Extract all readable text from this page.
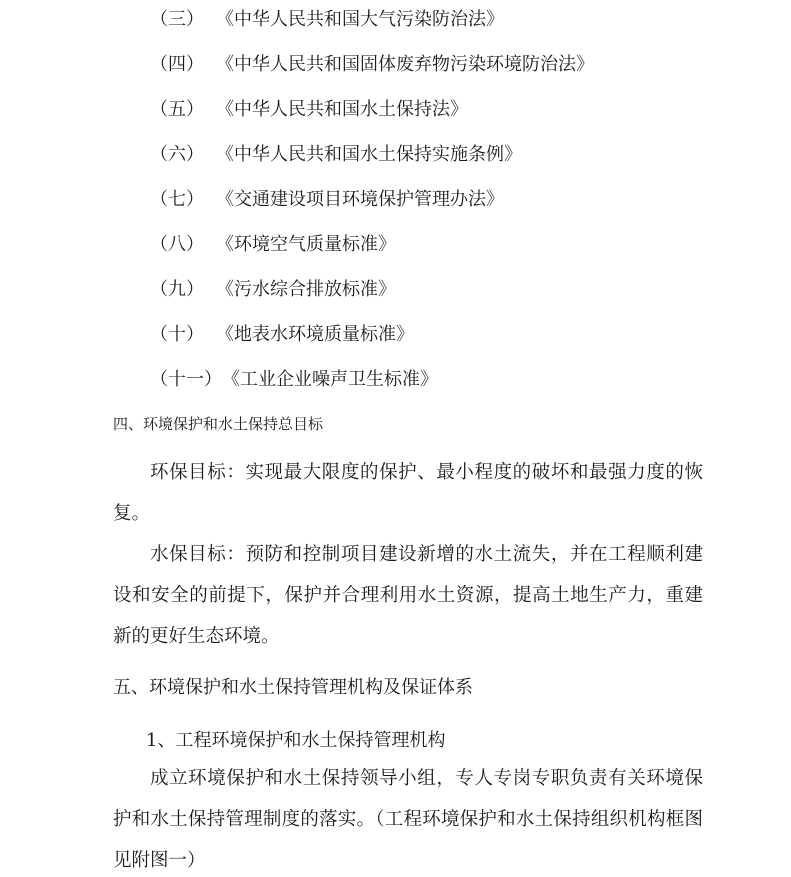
（三） 《中华人民共和国大气污染防治法》
（四） 《中华人民共和国固体废弃物污染环境防治法》
（五） 《中华人民共和国水土保持法》
（六） 《中华人民共和国水土保持实施条例》
（七） 《交通建设项目环境保护管理办法》
（八） 《环境空气质量标准》
（九） 《污水综合排放标准》
（十） 《地表水环境质量标准》
（十一）《工业企业噪声卫生标准》
四、环境保护和水土保持总目标

环保目标：实现最大限度的保护、最小程度的破坏和最强力度的恢复。

水保目标：预防和控制项目建设新增的水土流失，并在工程顺利建设和安全的前提下，保护并合理利用水土资源，提高土地生产力，重建新的更好生态环境。

五、环境保护和水土保持管理机构及保证体系
1、工程环境保护和水土保持管理机构

成立环境保护和水土保持领导小组，专人专岗专职负责有关环境保护和水土保持管理制度的落实。（工程环境保护和水土保持组织机构框图见附图一）
